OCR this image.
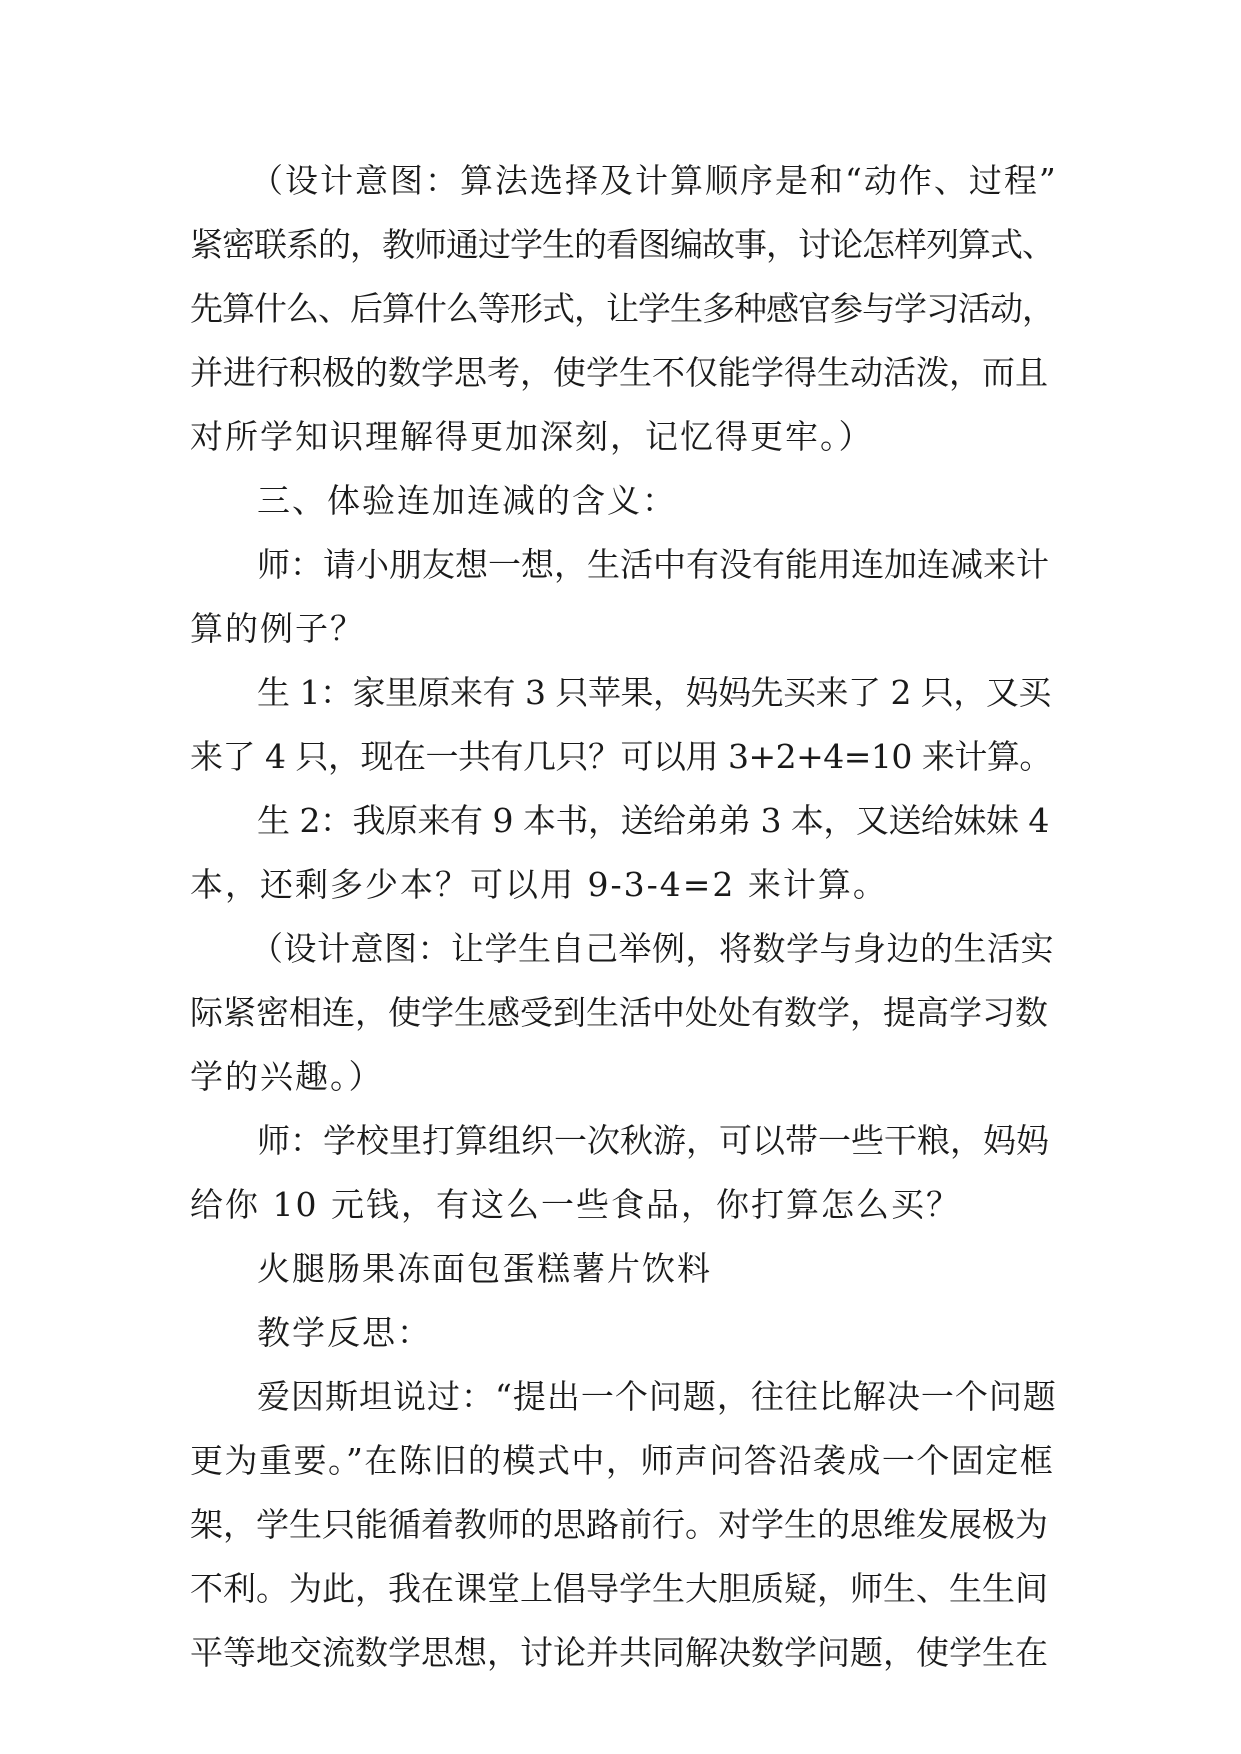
（设计意图：算法选择及计算顺序是和“动作、过程”
紧密联系的，教师通过学生的看图编故事，讨论怎样列算式、
先算什么、后算什么等形式，让学生多种感官参与学习活动，
并进行积极的数学思考，使学生不仅能学得生动活泼，而且
对所学知识理解得更加深刻，记忆得更牢。）
三、体验连加连减的含义：
师：请小朋友想一想，生活中有没有能用连加连减来计
算的例子？
生 1：家里原来有 3 只苹果，妈妈先买来了 2 只，又买
来了 4 只，现在一共有几只？可以用 3+2+4=10 来计算。
生 2：我原来有 9 本书，送给弟弟 3 本，又送给妹妹 4
本，还剩多少本？可以用 9-3-4=2 来计算。
（设计意图：让学生自己举例，将数学与身边的生活实
际紧密相连，使学生感受到生活中处处有数学，提高学习数
学的兴趣。）
师：学校里打算组织一次秋游，可以带一些干粮，妈妈
给你 10 元钱，有这么一些食品，你打算怎么买？
火腿肠果冻面包蛋糕薯片饮料
教学反思：
爱因斯坦说过：“提出一个问题，往往比解决一个问题
更为重要。”在陈旧的模式中，师声问答沿袭成一个固定框
架，学生只能循着教师的思路前行。对学生的思维发展极为
不利。为此，我在课堂上倡导学生大胆质疑，师生、生生间
平等地交流数学思想，讨论并共同解决数学问题，使学生在
